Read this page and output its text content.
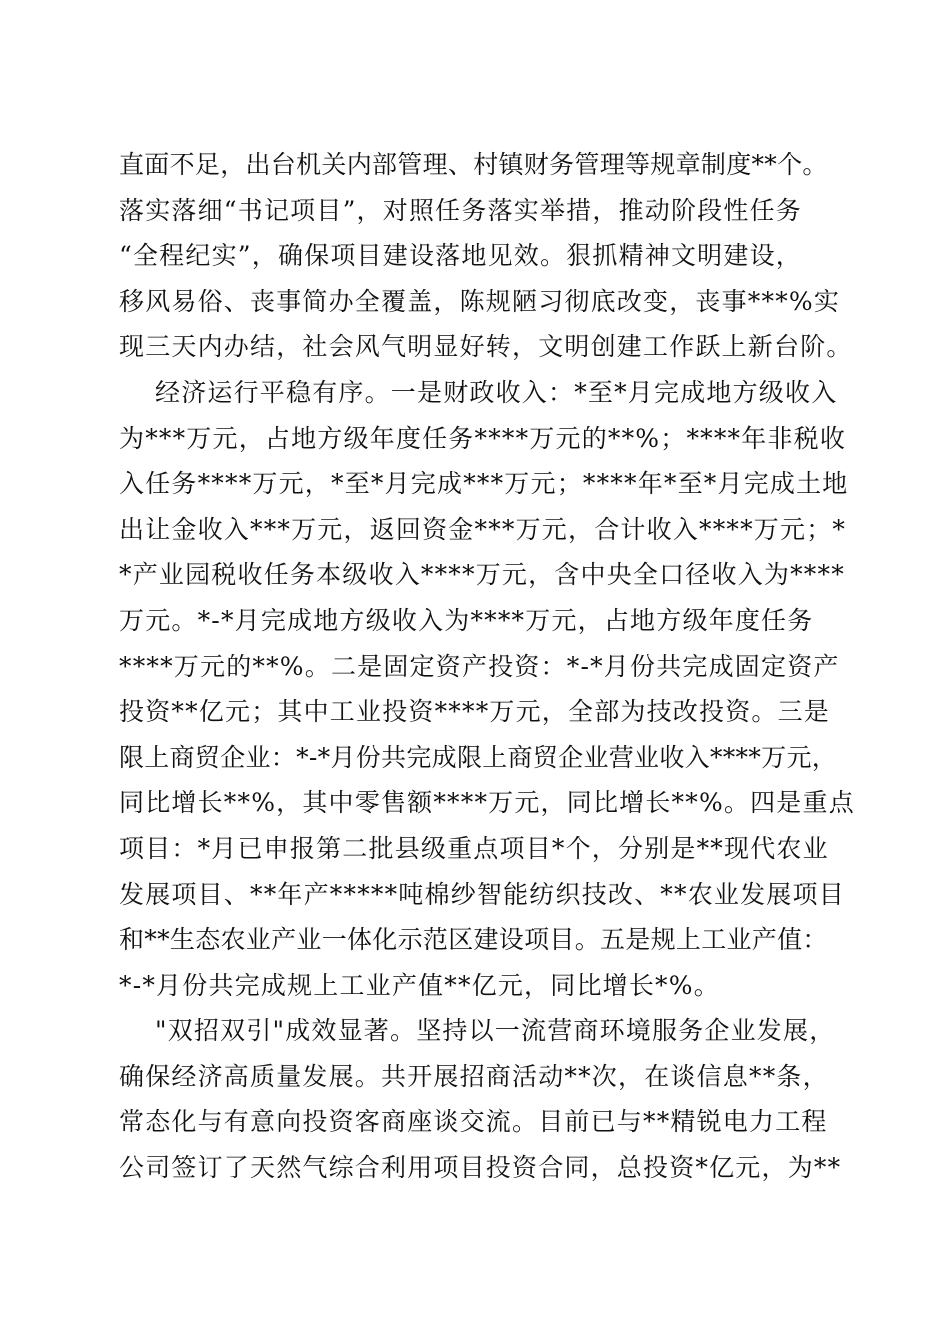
直面不足，出台机关内部管理、村镇财务管理等规章制度**个。
落实落细“书记项目”，对照任务落实举措，推动阶段性任务
“全程纪实”，确保项目建设落地见效。狠抓精神文明建设，
移风易俗、丧事简办全覆盖，陈规陋习彻底改变，丧事***%实
现三天内办结，社会风气明显好转，文明创建工作跃上新台阶。
经济运行平稳有序。一是财政收入：*至*月完成地方级收入
为***万元，占地方级年度任务****万元的**%；****年非税收
入任务****万元，*至*月完成***万元；****年*至*月完成土地
出让金收入***万元，返回资金***万元，合计收入****万元；*
*产业园税收任务本级收入****万元，含中央全口径收入为****
万元。*-*月完成地方级收入为****万元，占地方级年度任务
****万元的**%。二是固定资产投资：*-*月份共完成固定资产
投资**亿元；其中工业投资****万元，全部为技改投资。三是
限上商贸企业：*-*月份共完成限上商贸企业营业收入****万元，
同比增长**%，其中零售额****万元，同比增长**%。四是重点
项目：*月已申报第二批县级重点项目*个，分别是**现代农业
发展项目、**年产*****吨棉纱智能纺织技改、**农业发展项目
和**生态农业产业一体化示范区建设项目。五是规上工业产值：
*-*月份共完成规上工业产值**亿元，同比增长*%。
"双招双引"成效显著。坚持以一流营商环境服务企业发展，
确保经济高质量发展。共开展招商活动**次，在谈信息**条，
常态化与有意向投资客商座谈交流。目前已与**精锐电力工程
公司签订了天然气综合利用项目投资合同，总投资*亿元，为**
